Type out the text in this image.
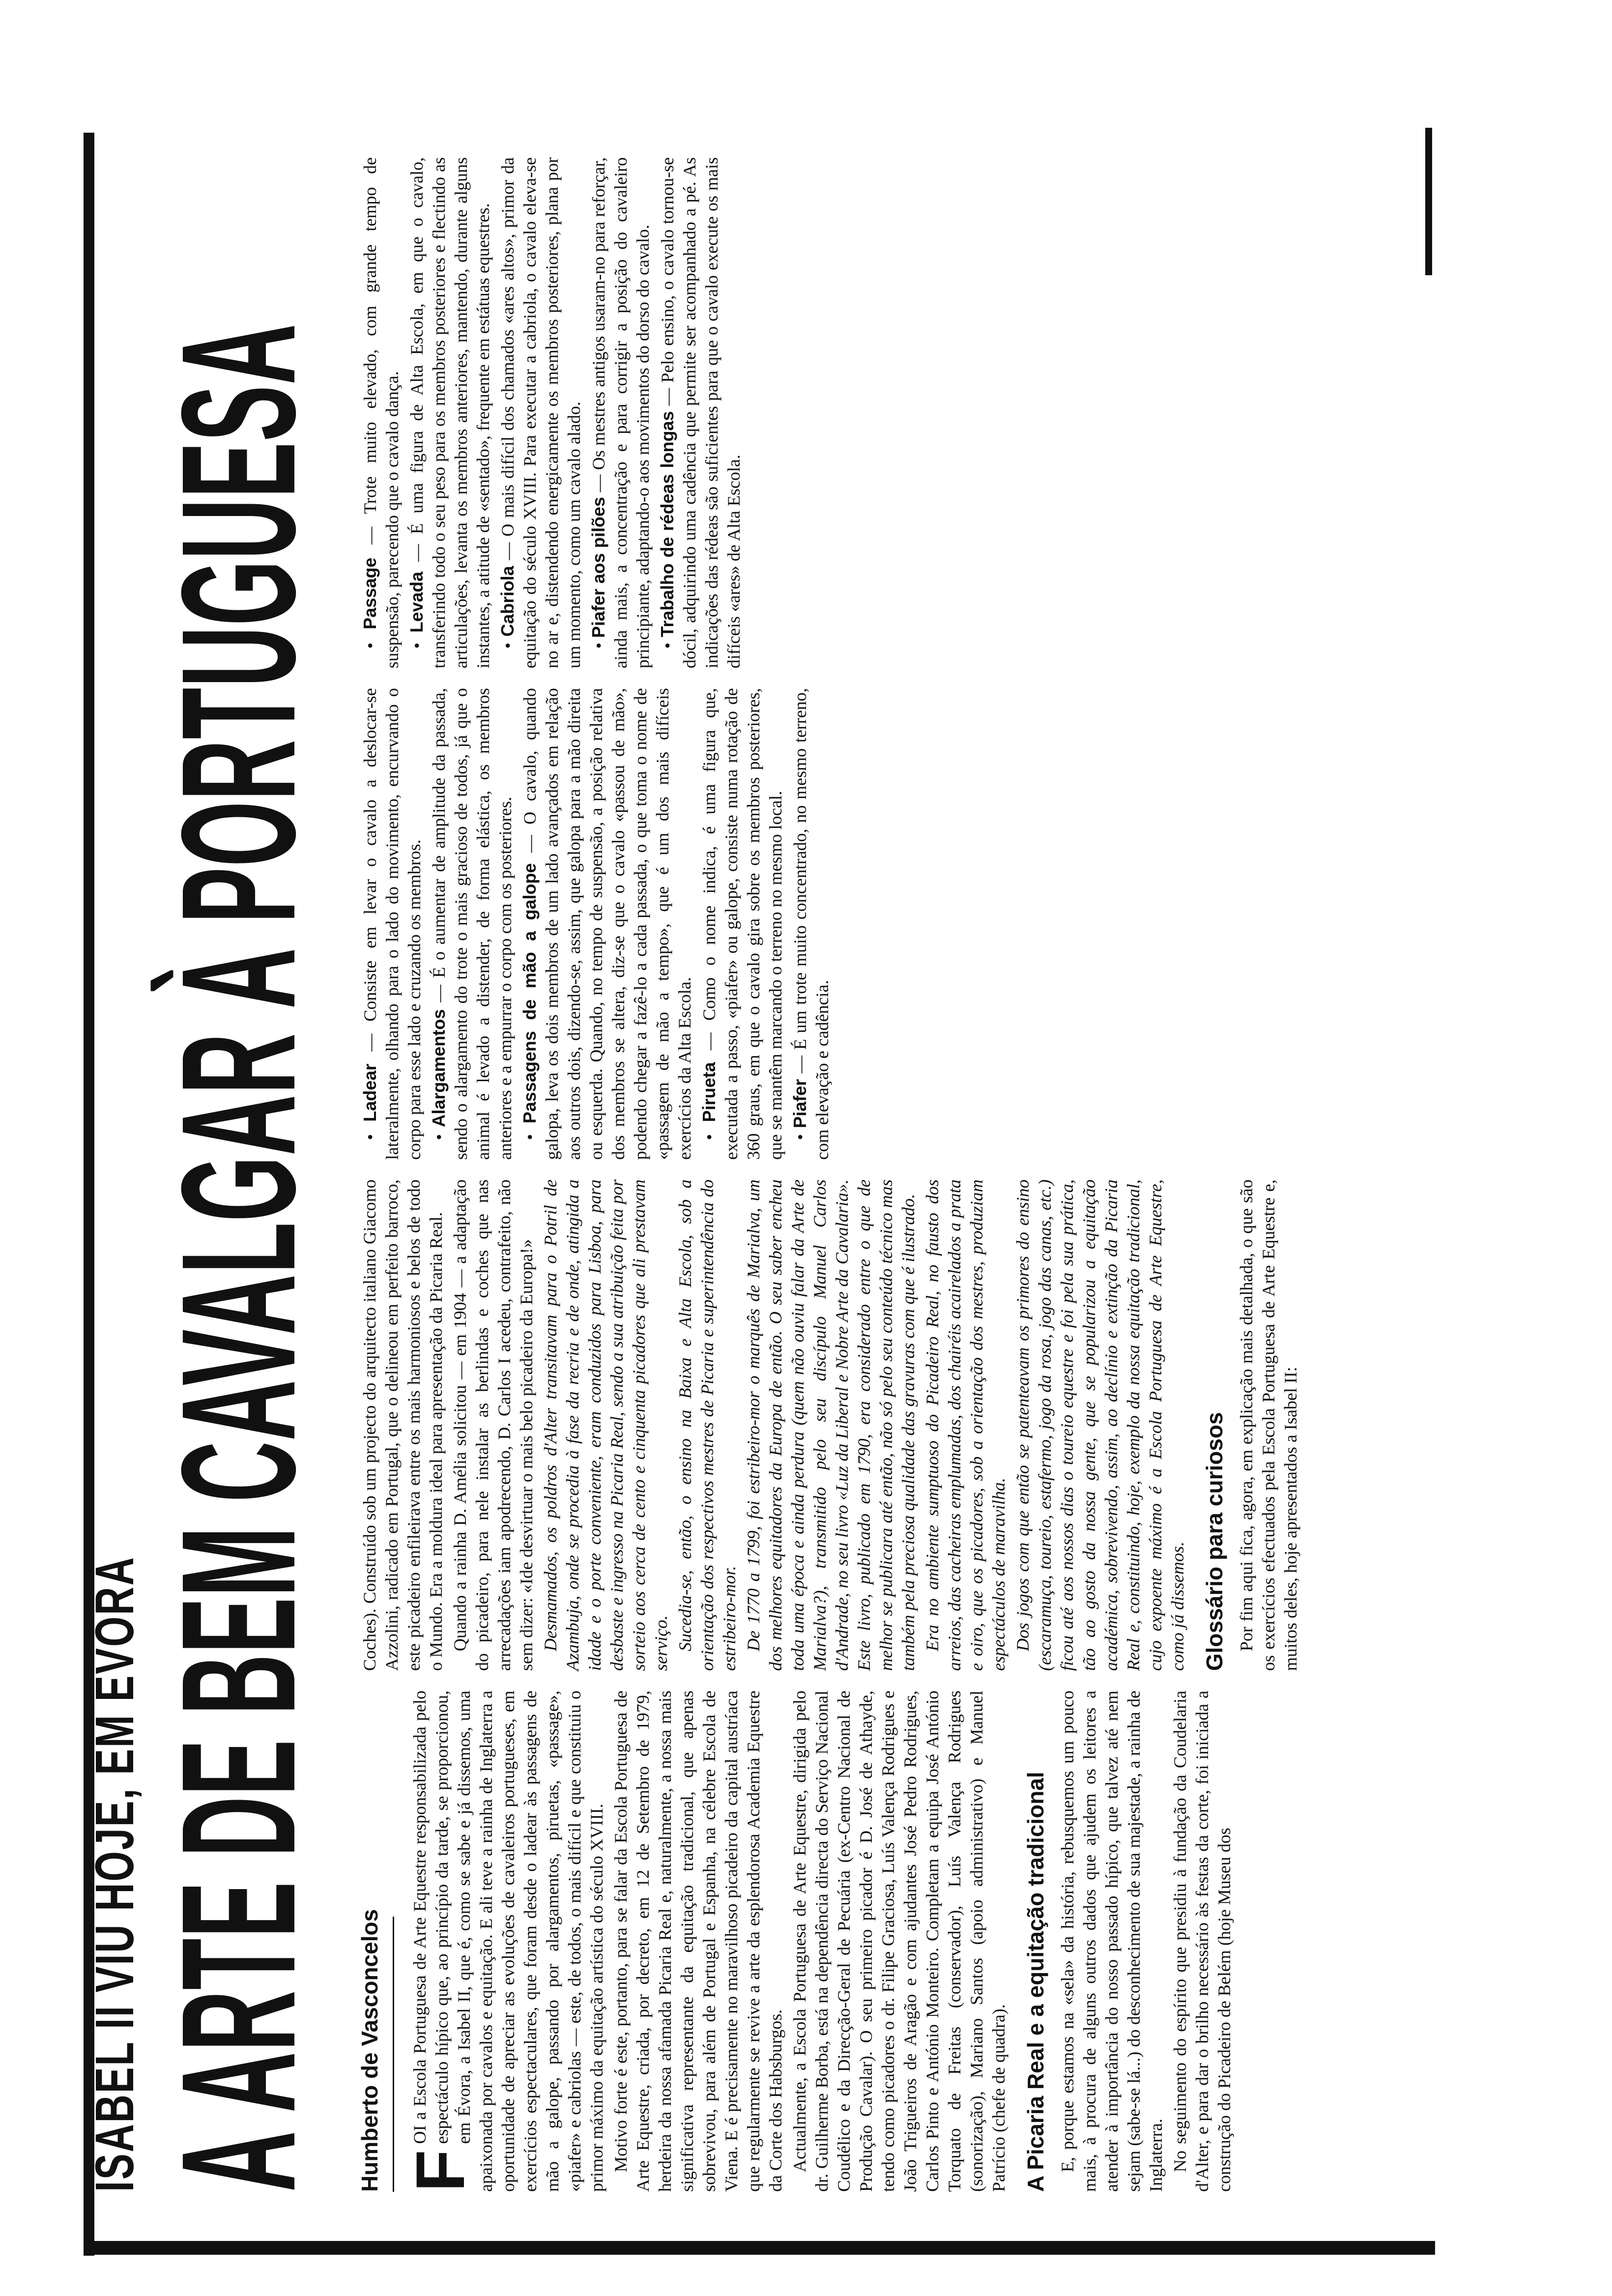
ISABEL II VIU HOJE, EM ÉVORA A ARTE DE BEM CAVALGAR À PORTUGUESA Humberto de Vasconcelos F
OI a Escola Portuguesa de Arte Equestre responsabilizada pelo espectáculo hípico que, ao princípio da tarde, se proporcionou, em Évora, a Isabel II, que é, como se sabe e já dissemos, uma apaixonada por cavalos e equitação. E ali teve a rainha de Inglaterra a oportunidade de apreciar as evoluções de cavaleiros portugueses, em exercícios espectaculares, que foram desde o ladear às passagens de mão a galope, passando por alargamentos, piruetas, «passage», «piafer» e cabriolas — este, de todos, o mais difícil e que constituiu o primor máximo da equitação artística do século XVIII. Motivo forte é este, portanto, para se falar da Escola Portuguesa de Arte Equestre, criada, por decreto, em 12 de Setembro de 1979, herdeira da nossa afamada Picaria Real e, naturalmente, a nossa mais significativa representante da equitação tradicional, que apenas sobrevivou, para além de Portugal e Espanha, na célebre Escola de Viena. E é precisamente no maravilhoso picadeiro da capital austríaca que regularmente se revive a arte da esplendorosa Academia Equestre da Corte dos Habsburgos. Actualmente, a Escola Portuguesa de Arte Equestre, dirigida pelo dr. Guilherme Borba, está na dependência directa do Serviço Nacional Coudélico e da Direcção-Geral de Pecuária (ex-Centro Nacional de Produção Cavalar). O seu primeiro picador é D. José de Athayde, tendo como picadores o dr. Filipe Graciosa, Luís Valença Rodrigues e João Trigueiros de Aragão e com ajudantes José Pedro Rodrigues, Carlos Pinto e António Monteiro. Completam a equipa José António Torquato de Freitas (conservador), Luís Valença Rodrigues (sonorização), Mariano Santos (apoio administrativo) e Manuel Patrício (chefe de quadra). A Picaria Real e a equitação tradicional E, porque estamos na «sela» da história, rebusquemos um pouco mais, à procura de alguns outros dados que ajudem os leitores a atender à importância do nosso passado hípico, que talvez até nem sejam (sabe-se lá...) do desconhecimento de sua majestade, a rainha de Inglaterra. No seguimento do espírito que presidiu à fundação da Coudelaria d'Alter, e para dar o brilho necessário às festas da corte, foi iniciada a construção do Picadeiro de Belém (hoje Museu dos

Coches). Construído sob um projecto do arquitecto italiano Giacomo Azzolini, radicado em Portugal, que o delineou em perfeito barroco, este picadeiro enfileirava entre os mais harmoniosos e belos de todo o Mundo. Era a moldura ideal para apresentação da Picaria Real. Quando a rainha D. Amélia solicitou — em 1904 — a adaptação do picadeiro, para nele instalar as berlindas e coches que nas arrecadações iam apodrecendo, D. Carlos I acedeu, contrafeito, não sem dizer: «Ide desvirtuar o mais belo picadeiro da Europa!» Desmamados, os poldros d'Alter transitavam para o Potril de Azambuja, onde se procedia à fase da recria e de onde, atingida a idade e o porte conveniente, eram conduzidos para Lisboa, para desbaste e ingresso na Picaria Real, sendo a sua atribuição feita por sorteio aos cerca de cento e cinquenta picadores que ali prestavam serviço. Sucedia-se, então, o ensino na Baixa e Alta Escola, sob a orientação dos respectivos mestres de Picaria e superintendência do estribeiro-mor. De 1770 a 1799, foi estribeiro-mor o marquês de Marialva, um dos melhores equitadores da Europa de então. O seu saber encheu toda uma época e ainda perdura (quem não ouviu falar da Arte de Marialva?), transmitido pelo seu discípulo Manuel Carlos d'Andrade, no seu livro «Luz da Liberal e Nobre Arte da Cavalaria». Este livro, publicado em 1790, era considerado entre o que de melhor se publicara até então, não só pelo seu conteúdo técnico mas também pela preciosa qualidade das gravuras com que é ilustrado. Era no ambiente sumptuoso do Picadeiro Real, no fausto dos arreios, das cacheiras emplumadas, dos chairéis acairelados a prata e oiro, que os picadores, sob a orientação dos mestres, produziam espectáculos de maravilha. Dos jogos com que então se patenteavam os primores do ensino (escaramuça, toureio, estafermo, jogo da rosa, jogo das canas, etc.) ficou até aos nossos dias o toureio equestre e foi pela sua prática, tão ao gosto da nossa gente, que se popularizou a equitação académica, sobrevivendo, assim, ao declínio e extinção da Picaria Real e, constituindo, hoje, exemplo da nossa equitação tradicional, cujo expoente máximo é a Escola Portuguesa de Arte Equestre, como já dissemos. Glossário para curiosos Por fim aqui fica, agora, em explicação mais detalhada, o que são os exercícios efectuados pela Escola Portuguesa de Arte Equestre e, muitos deles, hoje apresentados a Isabel II:

• Ladear — Consiste em levar o cavalo a deslocar-se lateralmente, olhando para o lado do movimento, encurvando o corpo para esse lado e cruzando os membros. • Alargamentos — É o aumentar de amplitude da passada, sendo o alargamento do trote o mais gracioso de todos, já que o animal é levado a distender, de forma elástica, os membros anteriores e a empurrar o corpo com os posteriores. • Passagens de mão a galope — O cavalo, quando galopa, leva os dois membros de um lado avançados em relação aos outros dois, dizendo-se, assim, que galopa para a mão direita ou esquerda. Quando, no tempo de suspensão, a posição relativa dos membros se altera, diz-se que o cavalo «passou de mão», podendo chegar a fazê-lo a cada passada, o que toma o nome de «passagem de mão a tempo», que é um dos mais difíceis exercícios da Alta Escola. • Pirueta — Como o nome indica, é uma figura que, executada a passo, «piafer» ou galope, consiste numa rotação de 360 graus, em que o cavalo gira sobre os membros posteriores, que se mantêm marcando o terreno no mesmo local. • Piafer — É um trote muito concentrado, no mesmo terreno, com elevação e cadência.

• Passage — Trote muito elevado, com grande tempo de suspensão, parecendo que o cavalo dança. • Levada — É uma figura de Alta Escola, em que o cavalo, transferindo todo o seu peso para os membros posteriores e flectindo as articulações, levanta os membros anteriores, mantendo, durante alguns instantes, a atitude de «sentado», frequente em estátuas equestres. • Cabriola — O mais difícil dos chamados «ares altos», primor da equitação do século XVIII. Para executar a cabriola, o cavalo eleva-se no ar e, distendendo energicamente os membros posteriores, plana por um momento, como um cavalo alado. • Piafer aos pilões — Os mestres antigos usaram-no para reforçar, ainda mais, a concentração e para corrigir a posição do cavaleiro principiante, adaptando-o aos movimentos do dorso do cavalo. • Trabalho de rédeas longas — Pelo ensino, o cavalo tornou-se dócil, adquirindo uma cadência que permite ser acompanhado a pé. As indicações das rédeas são suficientes para que o cavalo execute os mais difíceis «ares» de Alta Escola.
